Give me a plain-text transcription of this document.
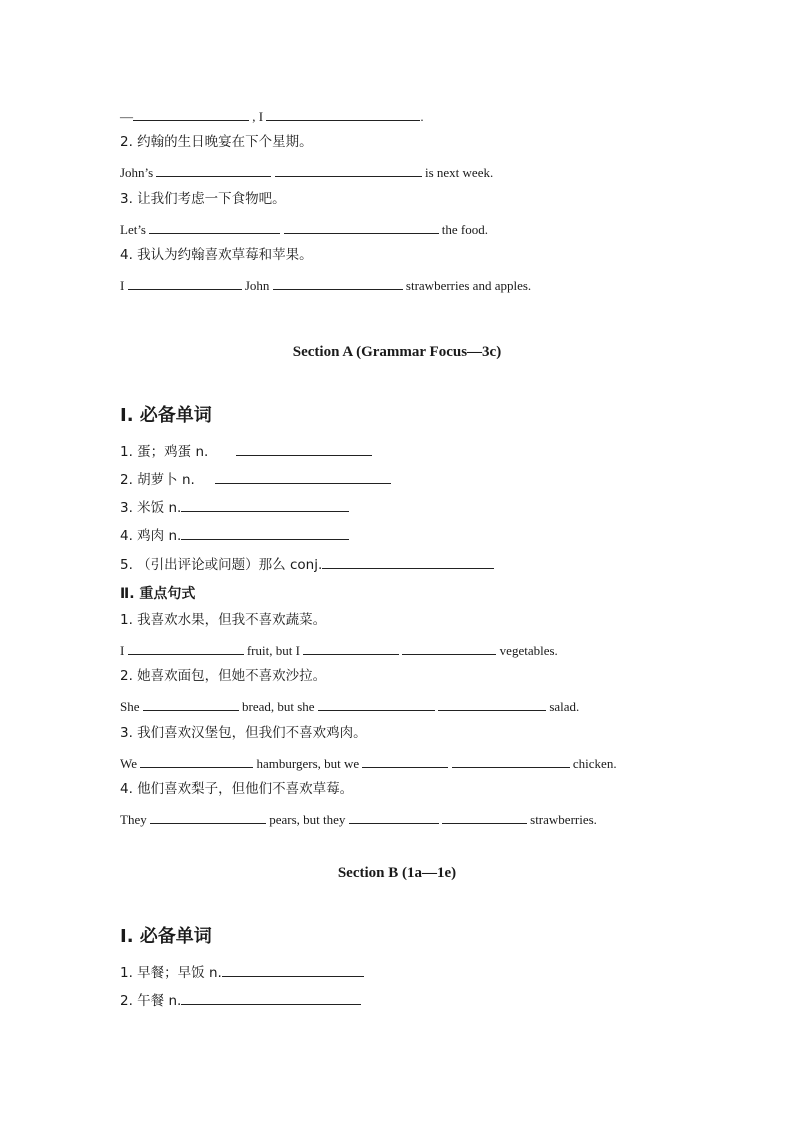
—	, I	.
2. 约翰的生日晚宴在下个星期。
John’s	is next week.
3. 让我们考虑一下食物吧。
Let’s	the food.
4. 我认为约翰喜欢草莓和苹果。
I	John	strawberries and apples.
Section A (Grammar Focus—3c)
Ⅰ. 必备单词
1. 蛋；鸡蛋 n.
2. 胡萝卜 n.
3. 米饭 n.
4. 鸡肉 n.
5. （引出评论或问题）那么 conj.
Ⅱ. 重点句式
1. 我喜欢水果，但我不喜欢蔬菜。
I	fruit, but I	vegetables.
2. 她喜欢面包，但她不喜欢沙拉。
She	bread, but she	salad.
3. 我们喜欢汉堡包，但我们不喜欢鸡肉。
We	hamburgers, but we	chicken.
4. 他们喜欢梨子，但他们不喜欢草莓。
They	pears, but they	strawberries.
Section B (1a—1e)
Ⅰ. 必备单词
1. 早餐；早饭 n.
2. 午餐 n.
